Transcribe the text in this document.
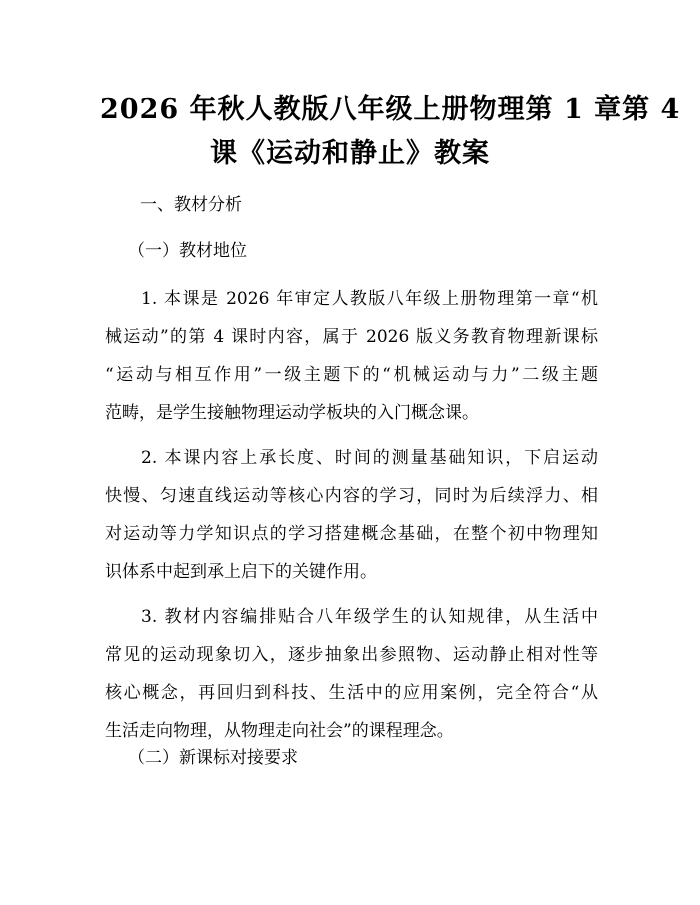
2026 年秋人教版八年级上册物理第 1 章第 4
课《运动和静止》教案
一、教材分析
（一）教材地位
1. 本课是 2026 年审定人教版八年级上册物理第一章“机
械运动”的第 4 课时内容，属于 2026 版义务教育物理新课标
“运动与相互作用”一级主题下的“机械运动与力”二级主题
范畴，是学生接触物理运动学板块的入门概念课。
2. 本课内容上承长度、时间的测量基础知识，下启运动
快慢、匀速直线运动等核心内容的学习，同时为后续浮力、相
对运动等力学知识点的学习搭建概念基础，在整个初中物理知
识体系中起到承上启下的关键作用。
3. 教材内容编排贴合八年级学生的认知规律，从生活中
常见的运动现象切入，逐步抽象出参照物、运动静止相对性等
核心概念，再回归到科技、生活中的应用案例，完全符合“从
生活走向物理，从物理走向社会”的课程理念。
（二）新课标对接要求
